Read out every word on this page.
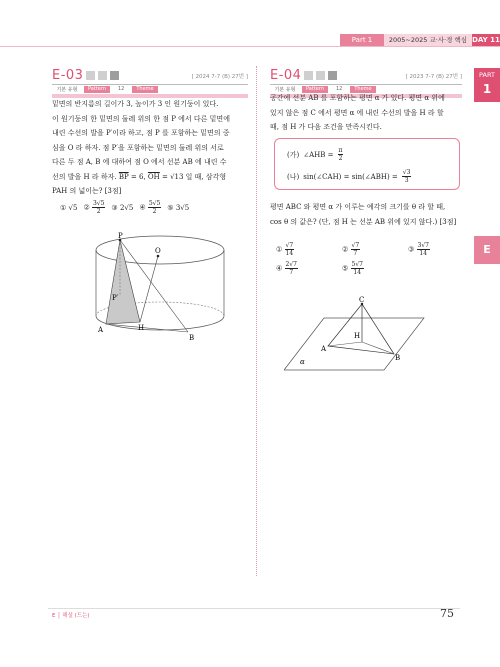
Part 1	2005~2025 교·사·경 핵심 DAY 11
PART
1
E
E-03	[ 2024 7-7 (B) 27번 ]
기본 유형	Pattern	12	Theme
밑면의 반지름의 길이가 3, 높이가 3 인 원기둥이 있다.
이 원기둥의 한 밑면의 둘레 위의 한 점 P 에서 다른 밑면에
내린 수선의 발을 P′이라 하고, 점 P 를 포함하는 밑면의 중
심을 O 라 하자. 점 P′을 포함하는 밑면의 둘레 위의 서로
다른 두 점 A, B 에 대하여 점 O 에서 선분 AB 에 내린 수
선의 발을 H 라 하자. $\overline{BP} = 6$, $\overline{OH} = √13$ 일 때, 삼각형
PAH 의 넓이는? [3점]
① √5 ② $\frac{3√5}{2}$ ③ 2√5 ④ $\frac{5√5}{2}$ ⑤ 3√5
P
O
P′
A
B
H
E-04	[ 2023 7-7 (B) 27번 ]
기본 유형	Pattern	12	Theme
공간에 선분 AB 를 포함하는 평면 α 가 있다. 평면 α 위에
있지 않은 점 C 에서 평면 α 에 내린 수선의 발을 H 라 할
때, 점 H 가 다음 조건을 만족시킨다.
(가) ∠AHB = $\frac{\pi}{2}$
(나) sin(∠CAH) = sin(∠ABH) = $\frac{√3}{3}$
평면 ABC 와 평면 α 가 이루는 예각의 크기를 θ 라 할 때,
cos θ 의 값은? (단, 점 H 는 선분 AB 위에 있지 않다.) [3점]
① $\frac{√7}{14}$	② $\frac{√7}{7}$	③ $\frac{3√7}{14}$
④ $\frac{2√7}{7}$	⑤ $\frac{5√7}{14}$
C
A
B
H
α
E │ 해설 (드는)	75
